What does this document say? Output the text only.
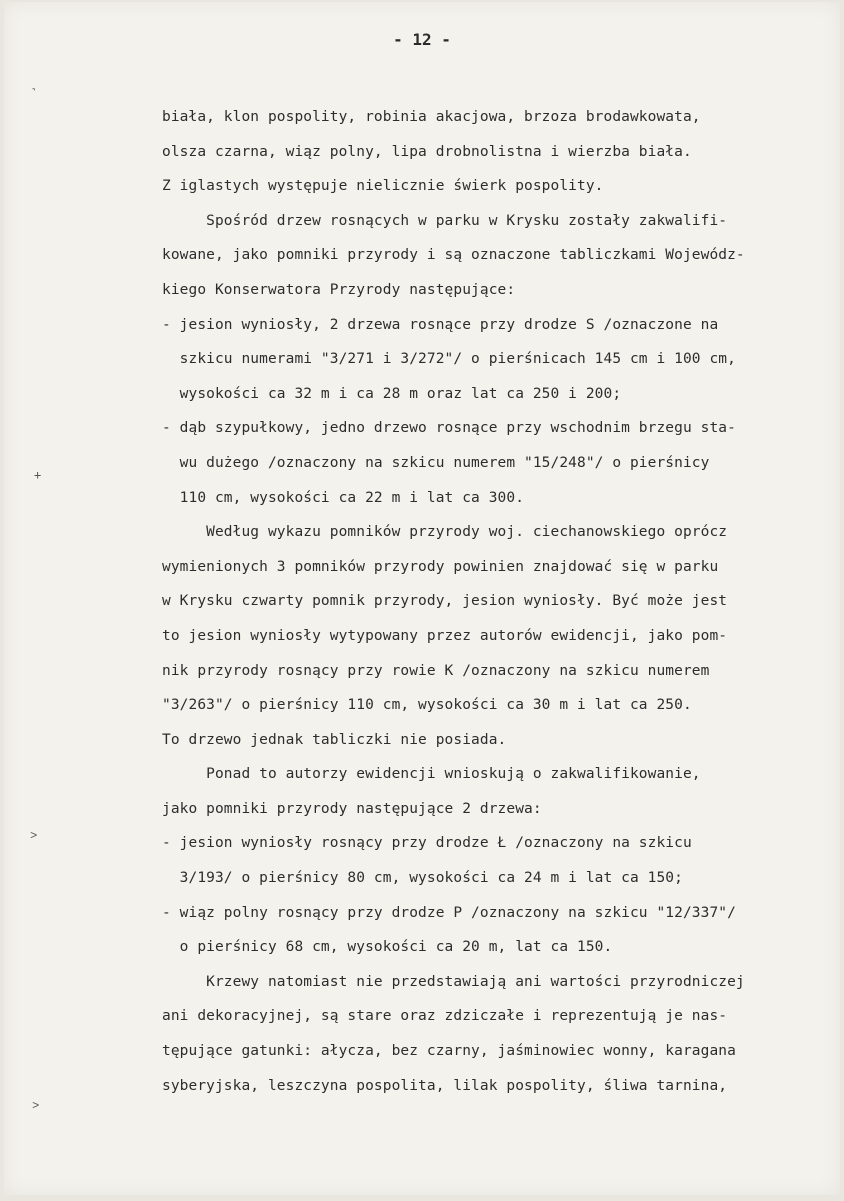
- 12 -
˺
+
˃
˃
biała, klon pospolity, robinia akacjowa, brzoza brodawkowata,
olsza czarna, wiąz polny, lipa drobnolistna i wierzba biała.
Z iglastych występuje nielicznie świerk pospolity.
Spośród drzew rosnących w parku w Krysku zostały zakwalifi-
kowane, jako pomniki przyrody i są oznaczone tabliczkami Wojewódz-
kiego Konserwatora Przyrody następujące:
- jesion wyniosły, 2 drzewa rosnące przy drodze S /oznaczone na
szkicu numerami "3/271 i 3/272"/ o pierśnicach 145 cm i 100 cm,
wysokości ca 32 m i ca 28 m oraz lat ca 250 i 200;
- dąb szypułkowy, jedno drzewo rosnące przy wschodnim brzegu sta-
wu dużego /oznaczony na szkicu numerem "15/248"/ o pierśnicy
110 cm, wysokości ca 22 m i lat ca 300.
Według wykazu pomników przyrody woj. ciechanowskiego oprócz
wymienionych 3 pomników przyrody powinien znajdować się w parku
w Krysku czwarty pomnik przyrody, jesion wyniosły. Być może jest
to jesion wyniosły wytypowany przez autorów ewidencji, jako pom-
nik przyrody rosnący przy rowie K /oznaczony na szkicu numerem
"3/263"/ o pierśnicy 110 cm, wysokości ca 30 m i lat ca 250.
To drzewo jednak tabliczki nie posiada.
Ponad to autorzy ewidencji wnioskują o zakwalifikowanie,
jako pomniki przyrody następujące 2 drzewa:
- jesion wyniosły rosnący przy drodze Ł /oznaczony na szkicu
3/193/ o pierśnicy 80 cm, wysokości ca 24 m i lat ca 150;
- wiąz polny rosnący przy drodze P /oznaczony na szkicu "12/337"/
o pierśnicy 68 cm, wysokości ca 20 m, lat ca 150.
Krzewy natomiast nie przedstawiają ani wartości przyrodniczej
ani dekoracyjnej, są stare oraz zdziczałe i reprezentują je nas-
tępujące gatunki: ałycza, bez czarny, jaśminowiec wonny, karagana
syberyjska, leszczyna pospolita, lilak pospolity, śliwa tarnina,
